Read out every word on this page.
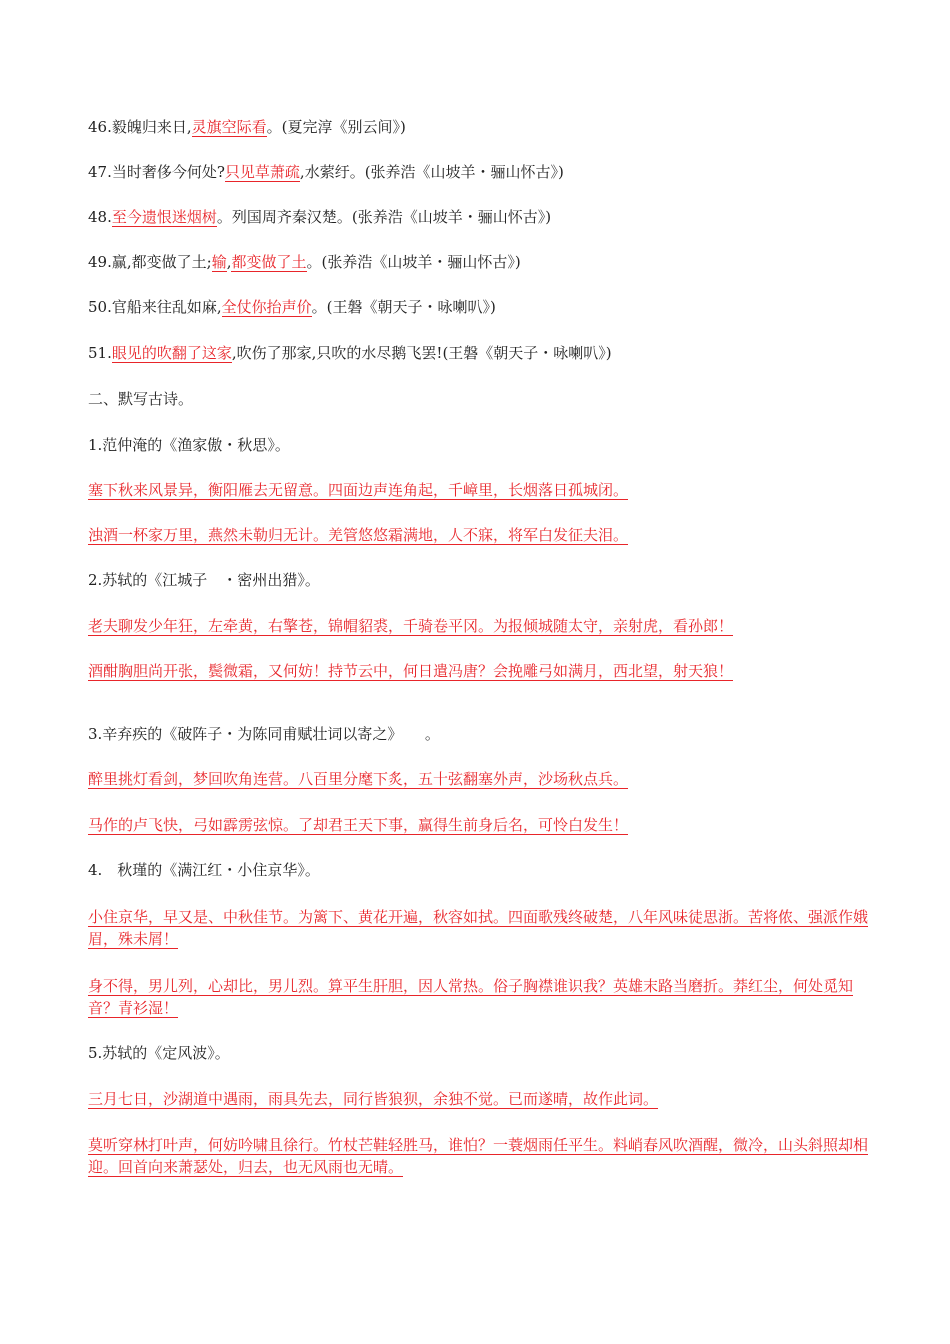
46.毅魄归来日,灵旗空际看。(夏完淳《别云间》)
47.当时奢侈今何处?只见草萧疏,水萦纡。(张养浩《山坡羊・骊山怀古》)
48.至今遗恨迷烟树。列国周齐秦汉楚。(张养浩《山坡羊・骊山怀古》)
49.赢,都变做了土;输,都变做了土。(张养浩《山坡羊・骊山怀古》)
50.官船来往乱如麻,全仗你抬声价。(王磐《朝天子・咏喇叭》)
51.眼见的吹翻了这家,吹伤了那家,只吹的水尽鹅飞罢!(王磐《朝天子・咏喇叭》)
二、默写古诗。
1.范仲淹的《渔家傲・秋思》。
塞下秋来风景异，衡阳雁去无留意。四面边声连角起，千嶂里，长烟落日孤城闭。
浊酒一杯家万里，燕然未勒归无计。羌管悠悠霜满地，人不寐，将军白发征夫泪。
2.苏轼的《江城子　・密州出猎》。
老夫聊发少年狂，左牵黄，右擎苍，锦帽貂裘，千骑卷平冈。为报倾城随太守，亲射虎，看孙郎！
酒酣胸胆尚开张，鬓微霜，又何妨！持节云中，何日遣冯唐？会挽雕弓如满月，西北望，射天狼！
3.辛弃疾的《破阵子・为陈同甫赋壮词以寄之》　　。
醉里挑灯看剑，梦回吹角连营。八百里分麾下炙，五十弦翻塞外声，沙场秋点兵。
马作的卢飞快，弓如霹雳弦惊。了却君王天下事，赢得生前身后名，可怜白发生！
4.　秋瑾的《满江红・小住京华》。
小住京华，早又是、中秋佳节。为篱下、黄花开遍，秋容如拭。四面歌残终破楚，八年风味徒思浙。苦将侬、强派作娥眉，殊未屑！
身不得，男儿列，心却比，男儿烈。算平生肝胆，因人常热。俗子胸襟谁识我？英雄末路当磨折。莽红尘，何处觅知音？青衫湿！
5.苏轼的《定风波》。
三月七日，沙湖道中遇雨，雨具先去，同行皆狼狈，余独不觉。已而遂晴，故作此词。
莫听穿林打叶声，何妨吟啸且徐行。竹杖芒鞋轻胜马，谁怕？一蓑烟雨任平生。料峭春风吹酒醒，微冷，山头斜照却相迎。回首向来萧瑟处，归去，也无风雨也无晴。
